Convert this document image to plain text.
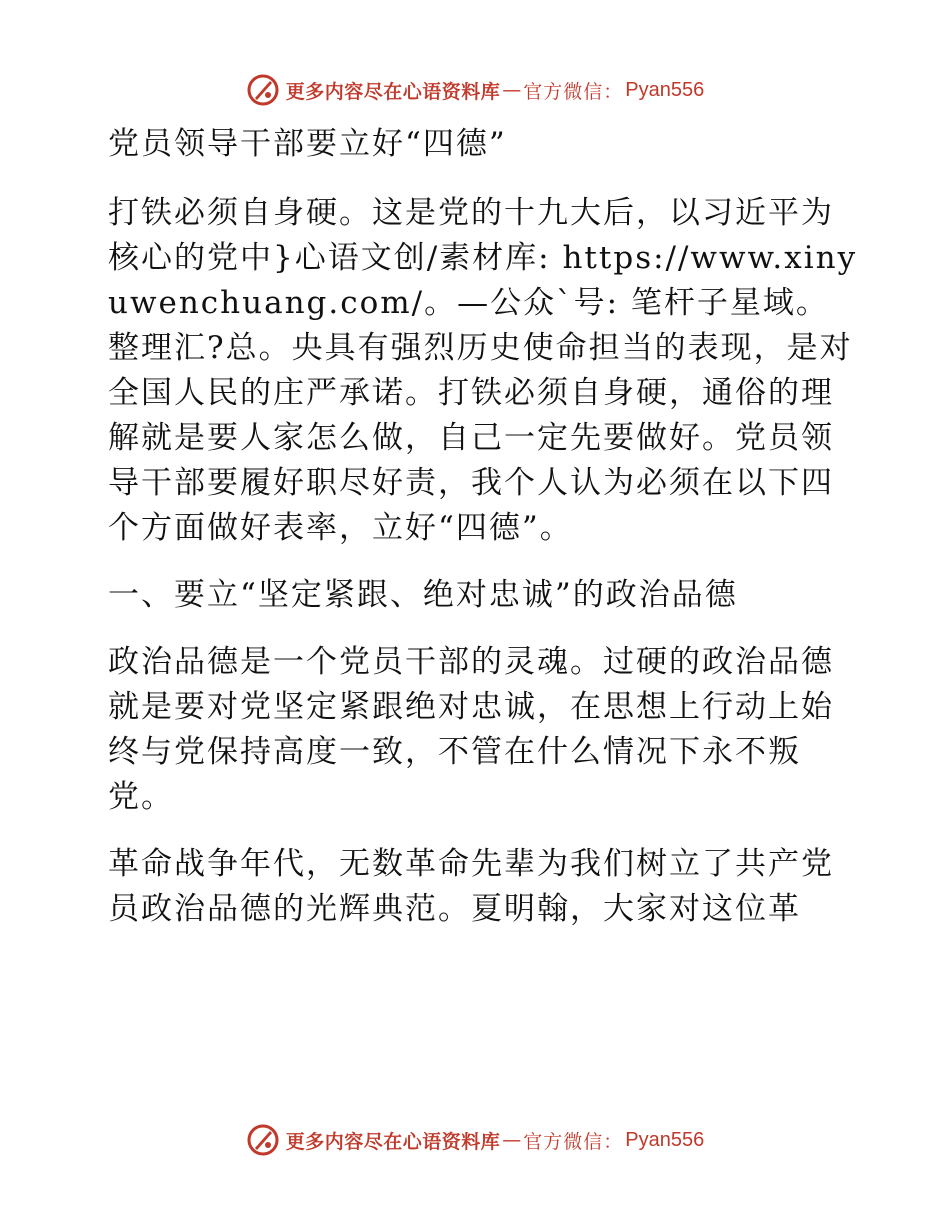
更多内容尽在心语资料库 — 官方微信： Pyan556

党员领导干部要立好“四德”

打铁必须自身硬。这是党的十九大后，以习近平为核心的党中}心语文创/素材库: https://www.xinyuwenchuang.com/。—公众`号: 笔杆子星域。整理汇?总。央具有强烈历史使命担当的表现，是对全国人民的庄严承诺。打铁必须自身硬，通俗的理解就是要人家怎么做，自己一定先要做好。党员领导干部要履好职尽好责，我个人认为必须在以下四个方面做好表率，立好“四德”。

一、要立“坚定紧跟、绝对忠诚”的政治品德

政治品德是一个党员干部的灵魂。过硬的政治品德就是要对党坚定紧跟绝对忠诚，在思想上行动上始终与党保持高度一致，不管在什么情况下永不叛党。

革命战争年代，无数革命先辈为我们树立了共产党员政治品德的光辉典范。夏明翰，大家对这位革

更多内容尽在心语资料库 — 官方微信： Pyan556
